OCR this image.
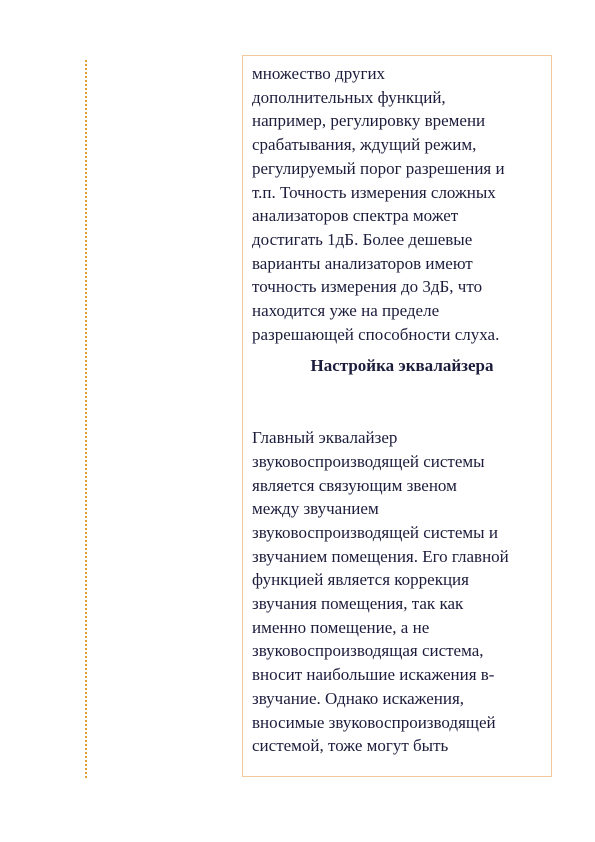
множество других
дополнительных функций,
например, регулировку времени
срабатывания, ждущий режим,
регулируемый порог разрешения и
т.п. Точность измерения сложных
анализаторов спектра может
достигать 1дБ. Более дешевые
варианты анализаторов имеют
точность измерения до 3дБ, что
находится уже на пределе
разрешающей способности слуха.
Настройка эквалайзера
Главный эквалайзер
звуковоспроизводящей системы
является связующим звеном
между звучанием
звуковоспроизводящей системы и
звучанием помещения. Его главной
функцией является коррекция
звучания помещения, так как
именно помещение, а не
звуковоспроизводящая система,
вносит наибольшие искажения в-
звучание. Однако искажения,
вносимые звуковоспроизводящей
системой, тоже могут быть
